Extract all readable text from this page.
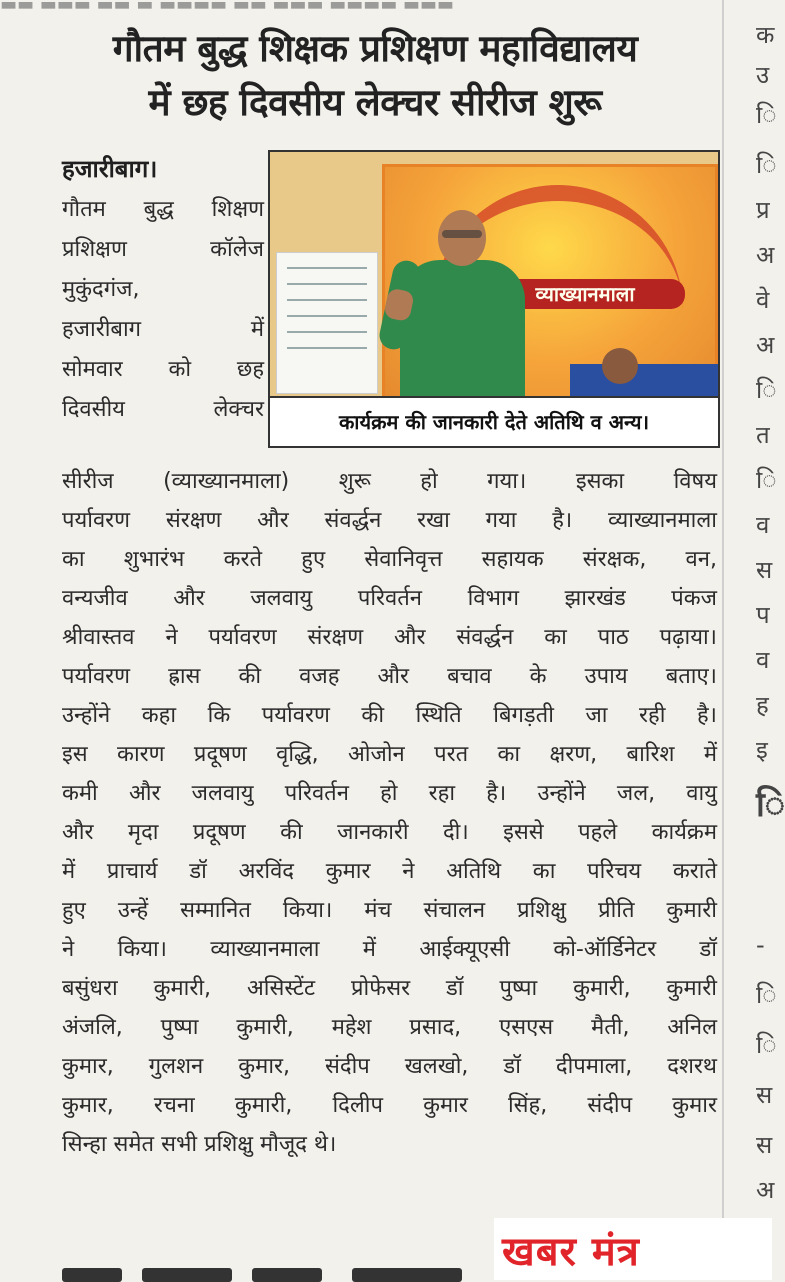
▬▬ ▬▬▬ ▬▬ ▬ ▬▬▬▬ ▬▬ ▬▬▬ ▬▬▬▬ ▬▬▬
गौतम बुद्ध शिक्षक प्रशिक्षण महाविद्यालय
में छह दिवसीय लेक्चर सीरीज शुरू
क
उ
ि
ि
प्र
अ
वे
अ
ि
त
ि
व
स
प
व
ह
इ
ि
-
ि
ि
स
स
अ
हजारीबाग।
व्याख्यानमाला
कार्यक्रम की जानकारी देते अतिथि व अन्य।
गौतम बुद्ध शिक्षण
प्रशिक्षण कॉलेज
मुकुंदगंज,
हजारीबाग में
सोमवार को छह
दिवसीय लेक्चर
सीरीज (व्याख्यानमाला) शुरू हो गया। इसका विषय
पर्यावरण संरक्षण और संवर्द्धन रखा गया है। व्याख्यानमाला
का शुभारंभ करते हुए सेवानिवृत्त सहायक संरक्षक, वन,
वन्यजीव और जलवायु परिवर्तन विभाग झारखंड पंकज
श्रीवास्तव ने पर्यावरण संरक्षण और संवर्द्धन का पाठ पढ़ाया।
पर्यावरण ह्रास की वजह और बचाव के उपाय बताए।
उन्होंने कहा कि पर्यावरण की स्थिति बिगड़ती जा रही है।
इस कारण प्रदूषण वृद्धि, ओजोन परत का क्षरण, बारिश में
कमी और जलवायु परिवर्तन हो रहा है। उन्होंने जल, वायु
और मृदा प्रदूषण की जानकारी दी। इससे पहले कार्यक्रम
में प्राचार्य डॉ अरविंद कुमार ने अतिथि का परिचय कराते
हुए उन्हें सम्मानित किया। मंच संचालन प्रशिक्षु प्रीति कुमारी
ने किया। व्याख्यानमाला में आईक्यूएसी को-ऑर्डिनेटर डॉ
बसुंधरा कुमारी, असिस्टेंट प्रोफेसर डॉ पुष्पा कुमारी, कुमारी
अंजलि, पुष्पा कुमारी, महेश प्रसाद, एसएस मैती, अनिल
कुमार, गुलशन कुमार, संदीप खलखो, डॉ दीपमाला, दशरथ
कुमार, रचना कुमारी, दिलीप कुमार सिंह, संदीप कुमार
सिन्हा समेत सभी प्रशिक्षु मौजूद थे।
खबर मंत्र
